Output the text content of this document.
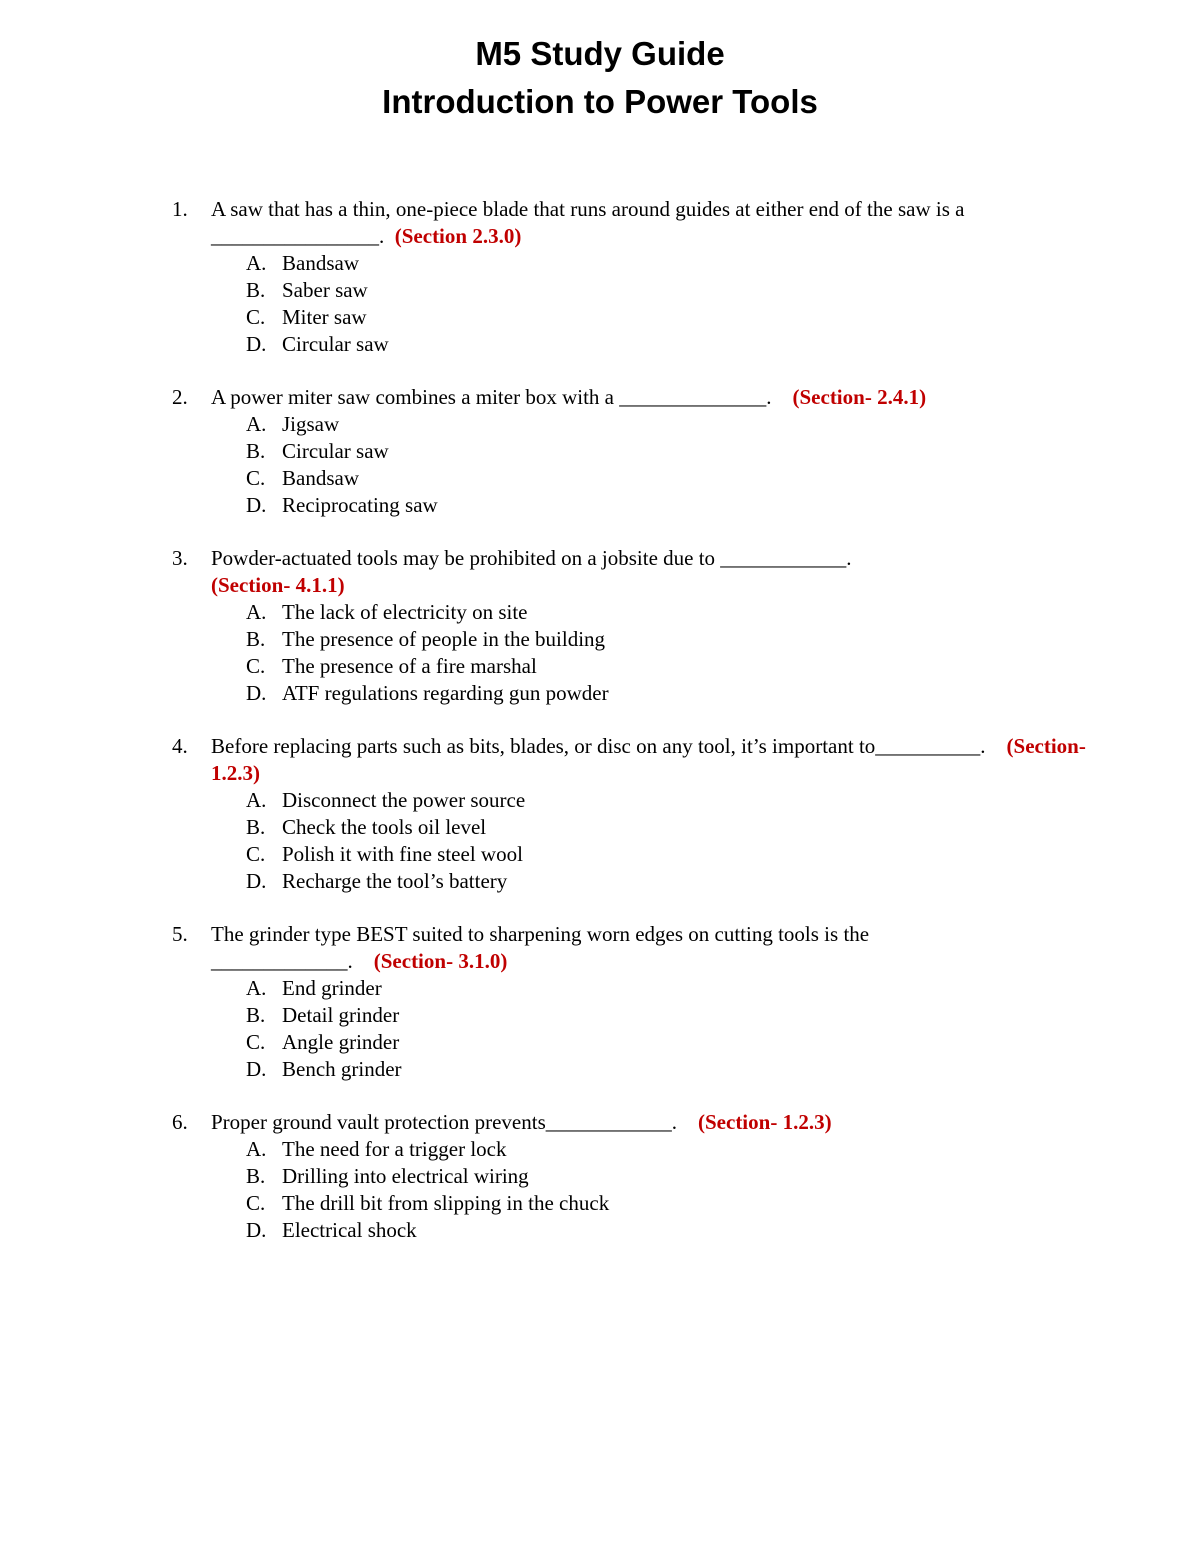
M5 Study Guide
Introduction to Power Tools
1.	A saw that has a thin, one-piece blade that runs around guides at either end of the saw is a ________________. (Section 2.3.0)
A. Bandsaw
B. Saber saw
C. Miter saw
D. Circular saw
2.	A power miter saw combines a miter box with a ______________. (Section- 2.4.1)
A. Jigsaw
B. Circular saw
C. Bandsaw
D. Reciprocating saw
3.	Powder-actuated tools may be prohibited on a jobsite due to ____________.
(Section- 4.1.1)
A. The lack of electricity on site
B. The presence of people in the building
C. The presence of a fire marshal
D. ATF regulations regarding gun powder
4.	Before replacing parts such as bits, blades, or disc on any tool, it’s important to__________. (Section- 1.2.3)
A. Disconnect the power source
B. Check the tools oil level
C. Polish it with fine steel wool
D. Recharge the tool’s battery
5.	The grinder type BEST suited to sharpening worn edges on cutting tools is the _____________. (Section- 3.1.0)
A. End grinder
B. Detail grinder
C. Angle grinder
D. Bench grinder
6.	Proper ground vault protection prevents____________. (Section- 1.2.3)
A. The need for a trigger lock
B. Drilling into electrical wiring
C. The drill bit from slipping in the chuck
D. Electrical shock
